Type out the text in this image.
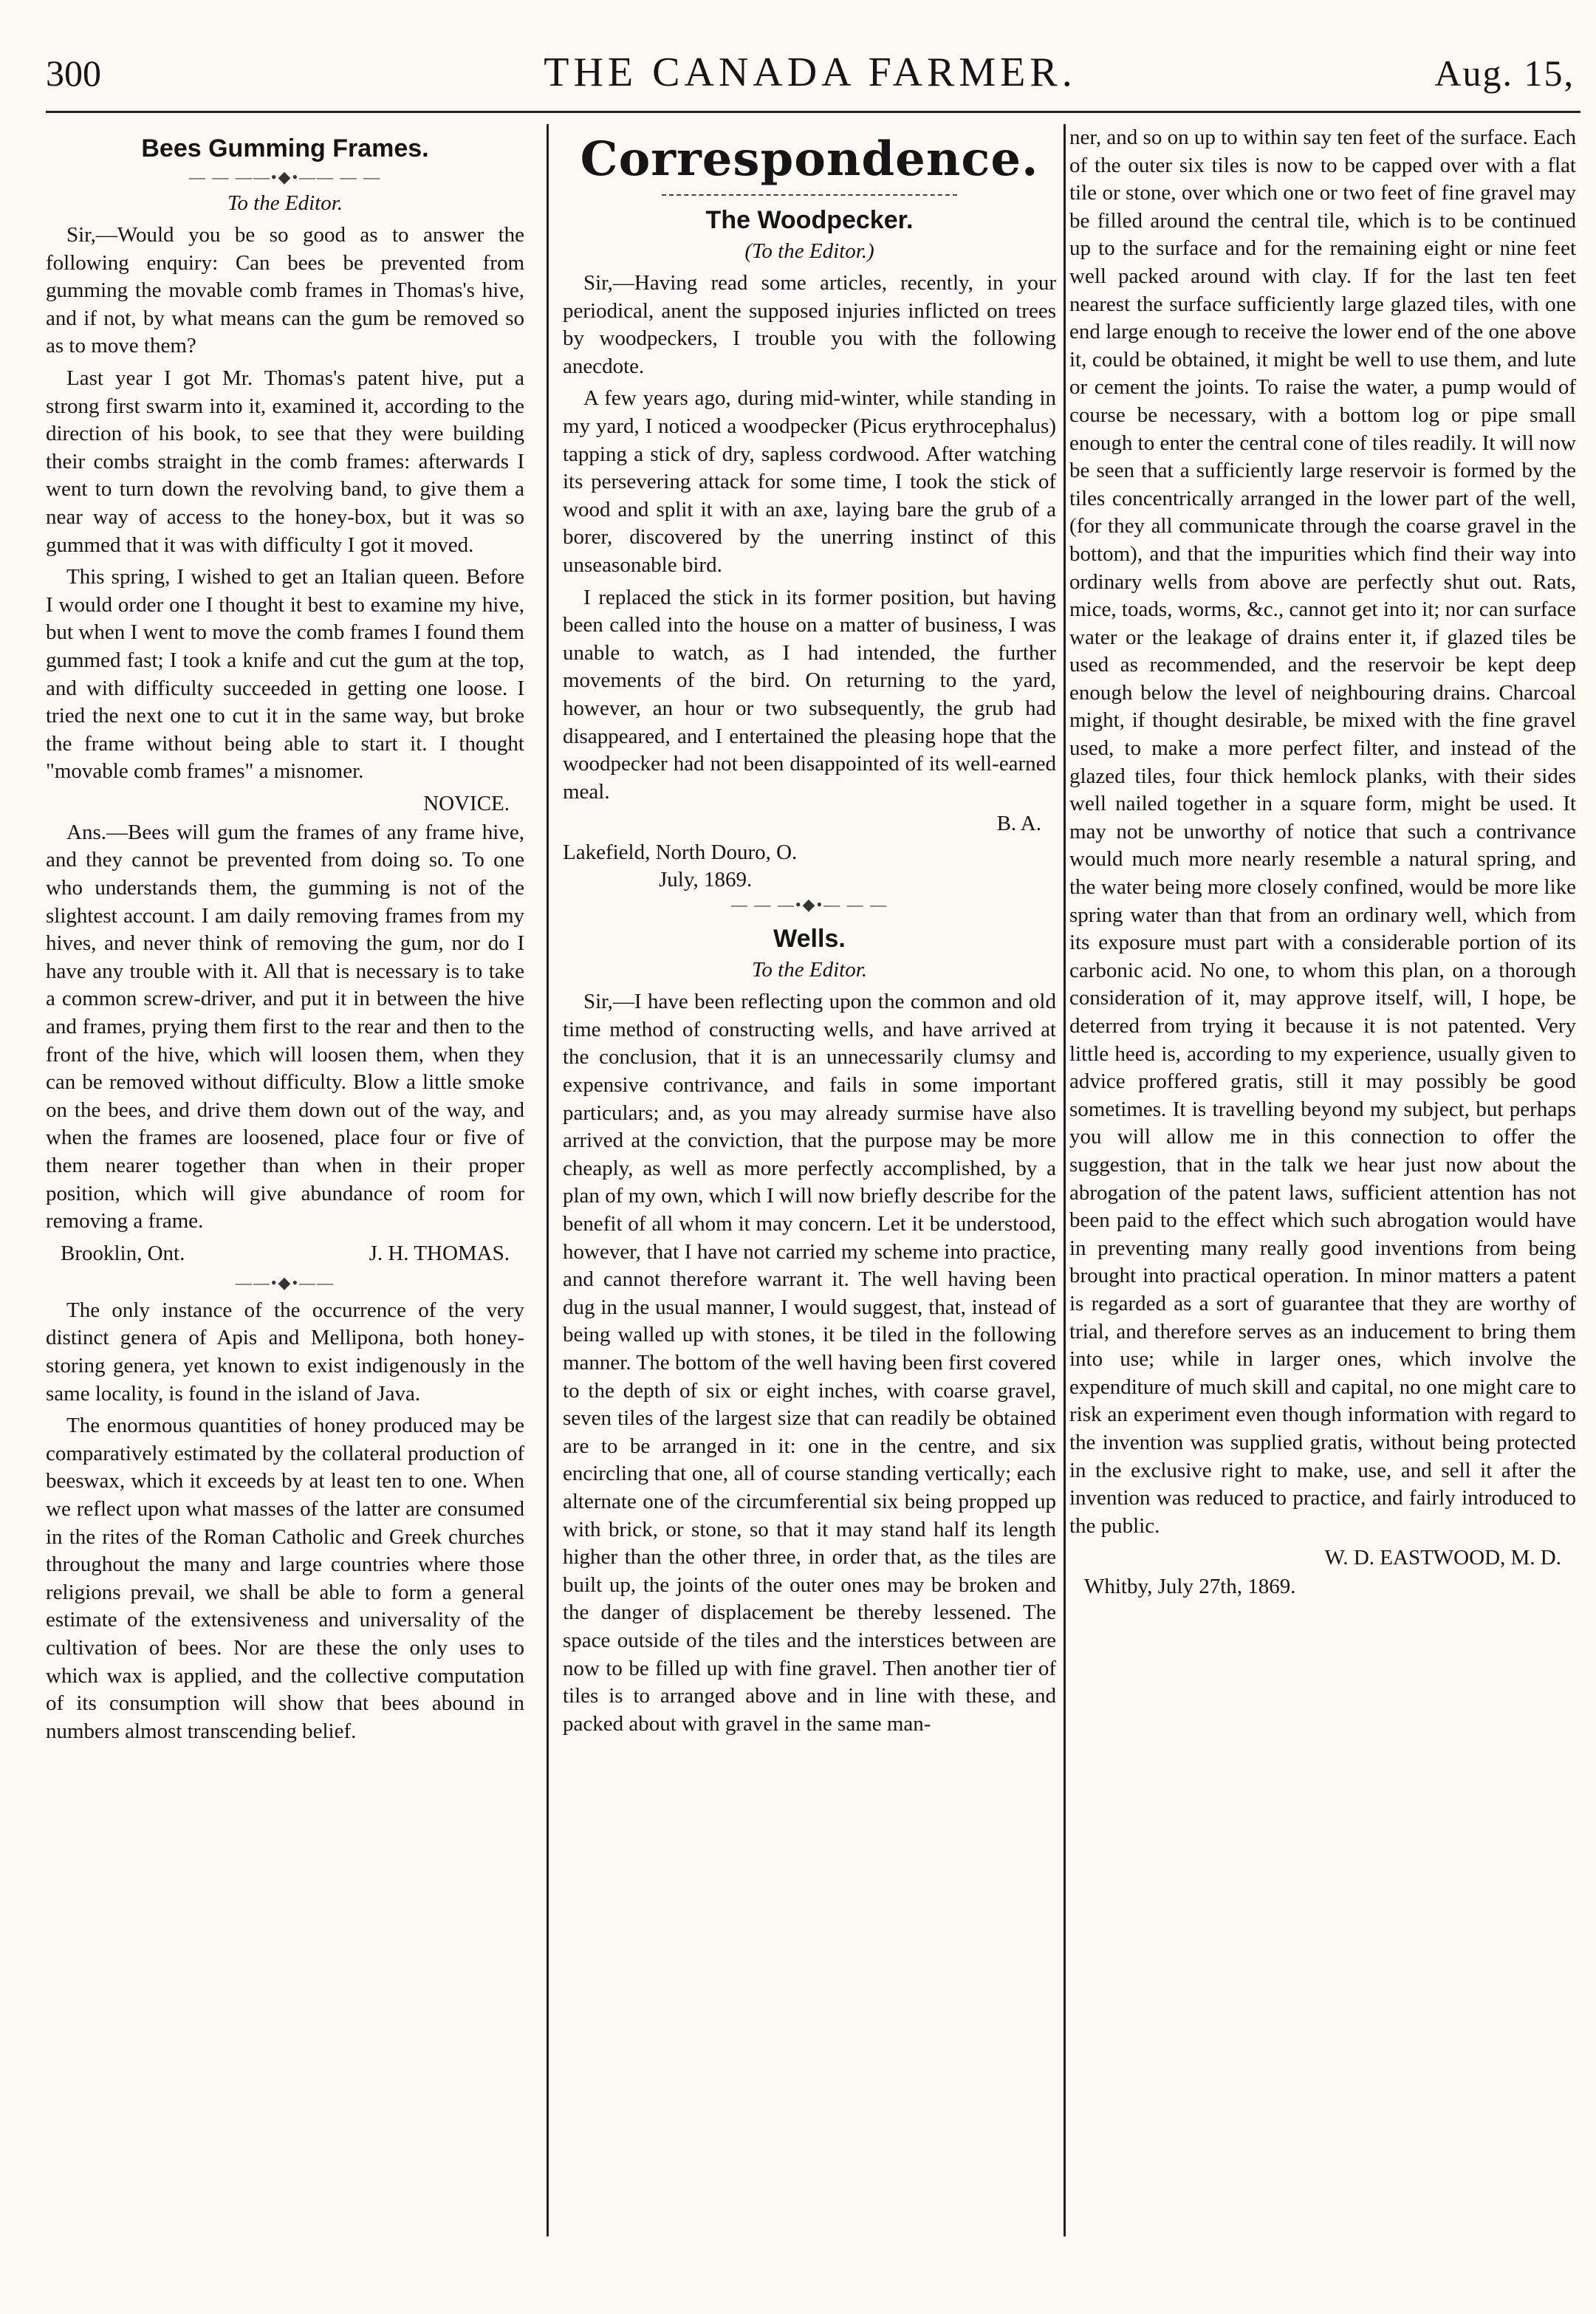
300	THE CANADA FARMER.	Aug. 15,
Bees Gumming Frames.
— — ——•◆•—— — —
To the Editor.

Sir,—Would you be so good as to answer the following enquiry: Can bees be prevented from gumming the movable comb frames in Thomas's hive, and if not, by what means can the gum be removed so as to move them?

Last year I got Mr. Thomas's patent hive, put a strong first swarm into it, examined it, according to the direction of his book, to see that they were building their combs straight in the comb frames: afterwards I went to turn down the revolving band, to give them a near way of access to the honey-box, but it was so gummed that it was with difficulty I got it moved.

This spring, I wished to get an Italian queen. Before I would order one I thought it best to examine my hive, but when I went to move the comb frames I found them gummed fast; I took a knife and cut the gum at the top, and with difficulty succeeded in getting one loose. I tried the next one to cut it in the same way, but broke the frame without being able to start it. I thought "movable comb frames" a misnomer.

NOVICE.

Ans.—Bees will gum the frames of any frame hive, and they cannot be prevented from doing so. To one who understands them, the gumming is not of the slightest account. I am daily removing frames from my hives, and never think of removing the gum, nor do I have any trouble with it. All that is necessary is to take a common screw-driver, and put it in between the hive and frames, prying them first to the rear and then to the front of the hive, which will loosen them, when they can be removed without difficulty. Blow a little smoke on the bees, and drive them down out of the way, and when the frames are loosened, place four or five of them nearer together than when in their proper position, which will give abundance of room for removing a frame.

Brooklin, Ont.	J. H. THOMAS.
——•◆•——

The only instance of the occurrence of the very distinct genera of Apis and Mellipona, both honey-storing genera, yet known to exist indigenously in the same locality, is found in the island of Java.

The enormous quantities of honey produced may be comparatively estimated by the collateral production of beeswax, which it exceeds by at least ten to one. When we reflect upon what masses of the latter are consumed in the rites of the Roman Catholic and Greek churches throughout the many and large countries where those religions prevail, we shall be able to form a general estimate of the extensiveness and universality of the cultivation of bees. Nor are these the only uses to which wax is applied, and the collective computation of its consumption will show that bees abound in numbers almost transcending belief.

Correspondence.
The Woodpecker.
(To the Editor.)

Sir,—Having read some articles, recently, in your periodical, anent the supposed injuries inflicted on trees by woodpeckers, I trouble you with the following anecdote.

A few years ago, during mid-winter, while standing in my yard, I noticed a woodpecker (Picus erythrocephalus) tapping a stick of dry, sapless cordwood. After watching its persevering attack for some time, I took the stick of wood and split it with an axe, laying bare the grub of a borer, discovered by the unerring instinct of this unseasonable bird.

I replaced the stick in its former position, but having been called into the house on a matter of business, I was unable to watch, as I had intended, the further movements of the bird. On returning to the yard, however, an hour or two subsequently, the grub had disappeared, and I entertained the pleasing hope that the woodpecker had not been disappointed of its well-earned meal.

B. A.

Lakefield, North Douro, O.

July, 1869.

— — —•◆•— — —
Wells.
To the Editor.

Sir,—I have been reflecting upon the common and old time method of constructing wells, and have arrived at the conclusion, that it is an unnecessarily clumsy and expensive contrivance, and fails in some important particulars; and, as you may already surmise have also arrived at the conviction, that the purpose may be more cheaply, as well as more perfectly accomplished, by a plan of my own, which I will now briefly describe for the benefit of all whom it may concern. Let it be understood, however, that I have not carried my scheme into practice, and cannot therefore warrant it. The well having been dug in the usual manner, I would suggest, that, instead of being walled up with stones, it be tiled in the following manner. The bottom of the well having been first covered to the depth of six or eight inches, with coarse gravel, seven tiles of the largest size that can readily be obtained are to be arranged in it: one in the centre, and six encircling that one, all of course standing vertically; each alternate one of the circumferential six being propped up with brick, or stone, so that it may stand half its length higher than the other three, in order that, as the tiles are built up, the joints of the outer ones may be broken and the danger of displacement be thereby lessened. The space outside of the tiles and the interstices between are now to be filled up with fine gravel. Then another tier of tiles is to arranged above and in line with these, and packed about with gravel in the same man-

ner, and so on up to within say ten feet of the surface. Each of the outer six tiles is now to be capped over with a flat tile or stone, over which one or two feet of fine gravel may be filled around the central tile, which is to be continued up to the surface and for the remaining eight or nine feet well packed around with clay. If for the last ten feet nearest the surface sufficiently large glazed tiles, with one end large enough to receive the lower end of the one above it, could be obtained, it might be well to use them, and lute or cement the joints. To raise the water, a pump would of course be necessary, with a bottom log or pipe small enough to enter the central cone of tiles readily. It will now be seen that a sufficiently large reservoir is formed by the tiles concentrically arranged in the lower part of the well, (for they all communicate through the coarse gravel in the bottom), and that the impurities which find their way into ordinary wells from above are perfectly shut out. Rats, mice, toads, worms, &c., cannot get into it; nor can surface water or the leakage of drains enter it, if glazed tiles be used as recommended, and the reservoir be kept deep enough below the level of neighbouring drains. Charcoal might, if thought desirable, be mixed with the fine gravel used, to make a more perfect filter, and instead of the glazed tiles, four thick hemlock planks, with their sides well nailed together in a square form, might be used. It may not be unworthy of notice that such a contrivance would much more nearly resemble a natural spring, and the water being more closely confined, would be more like spring water than that from an ordinary well, which from its exposure must part with a considerable portion of its carbonic acid. No one, to whom this plan, on a thorough consideration of it, may approve itself, will, I hope, be deterred from trying it because it is not patented. Very little heed is, according to my experience, usually given to advice proffered gratis, still it may possibly be good sometimes. It is travelling beyond my subject, but perhaps you will allow me in this connection to offer the suggestion, that in the talk we hear just now about the abrogation of the patent laws, sufficient attention has not been paid to the effect which such abrogation would have in preventing many really good inventions from being brought into practical operation. In minor matters a patent is regarded as a sort of guarantee that they are worthy of trial, and therefore serves as an inducement to bring them into use; while in larger ones, which involve the expenditure of much skill and capital, no one might care to risk an experiment even though information with regard to the invention was supplied gratis, without being protected in the exclusive right to make, use, and sell it after the invention was reduced to practice, and fairly introduced to the public.

W. D. EASTWOOD, M. D.

Whitby, July 27th, 1869.
